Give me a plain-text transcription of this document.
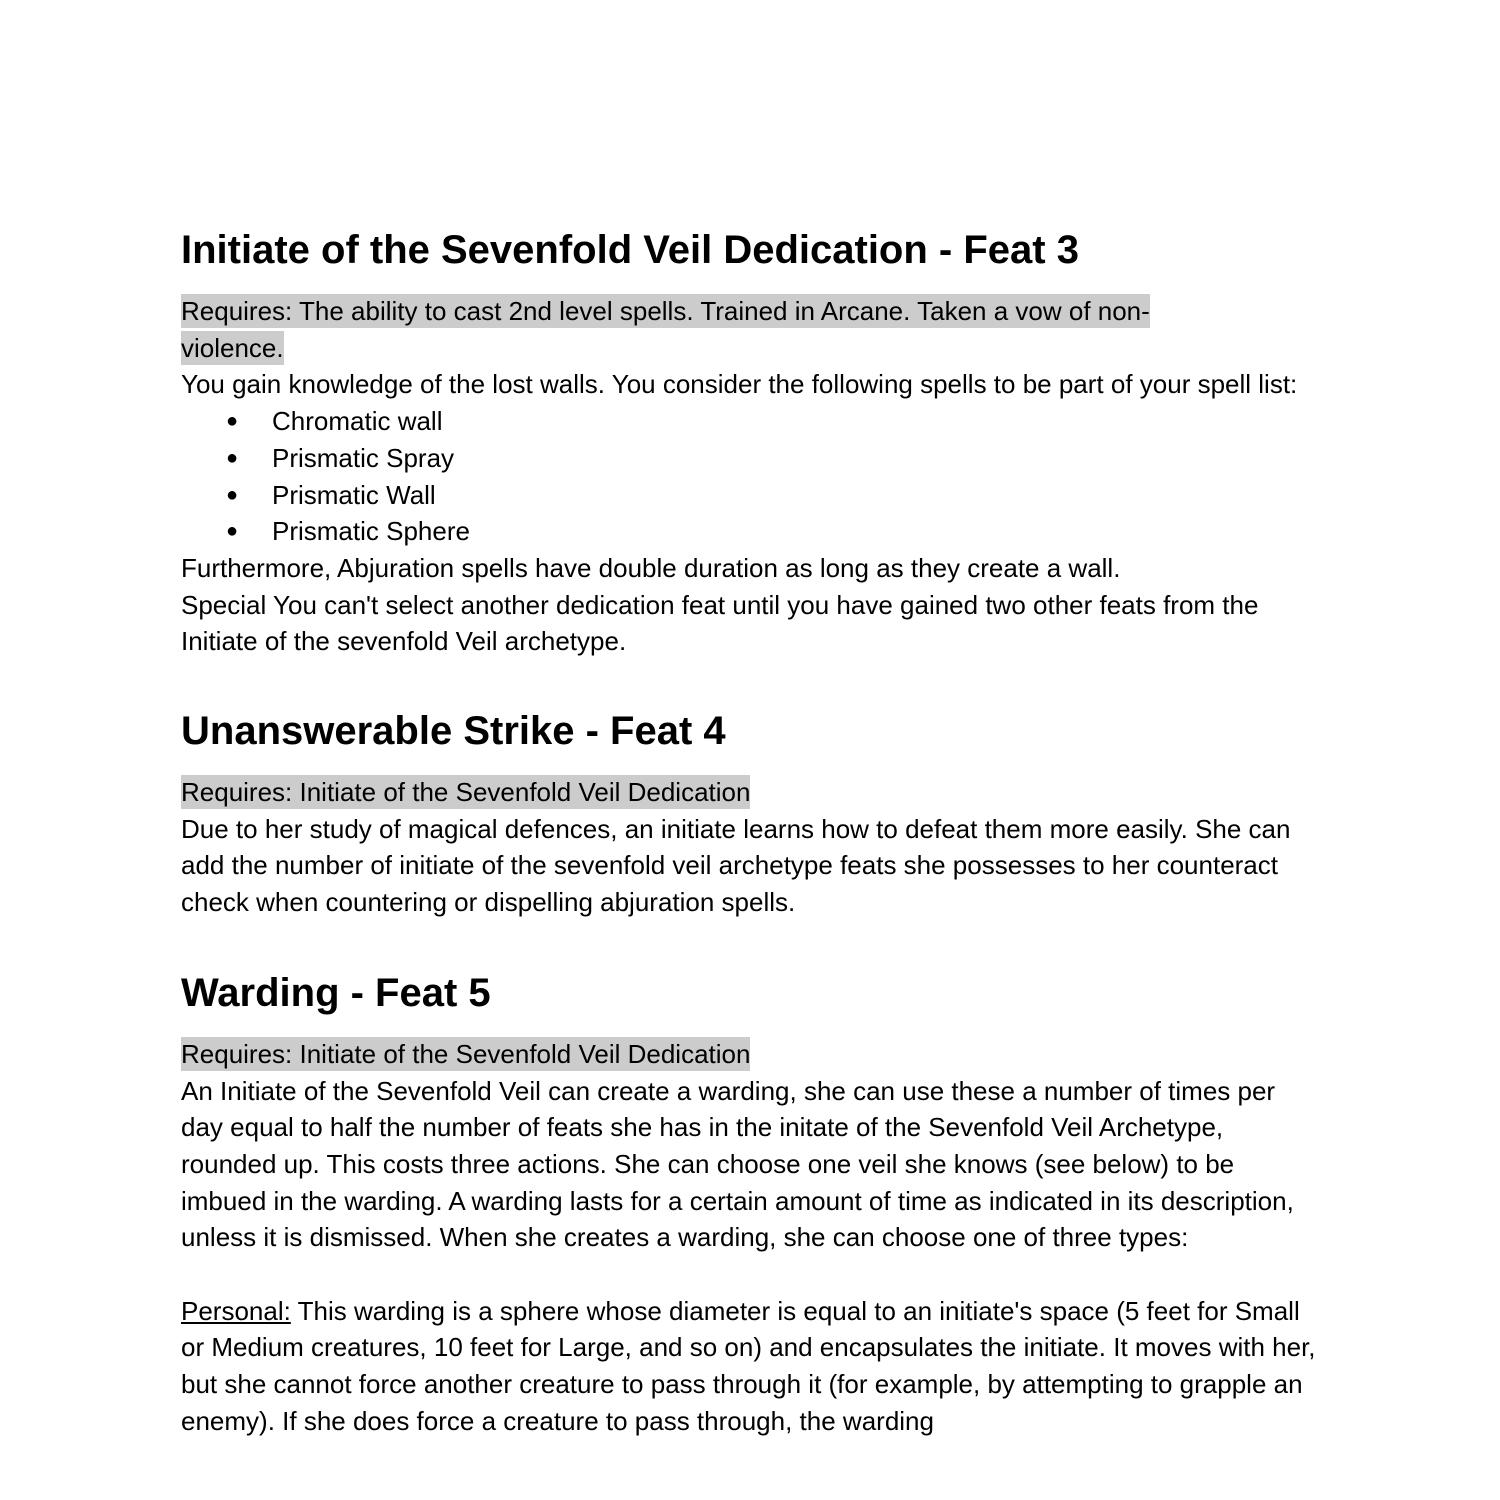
Initiate of the Sevenfold Veil Dedication - Feat 3

Requires: The ability to cast 2nd level spells. Trained in Arcane. Taken a vow of non-violence.

You gain knowledge of the lost walls. You consider the following spells to be part of your spell list:

● Chromatic wall
● Prismatic Spray
● Prismatic Wall
● Prismatic Sphere

Furthermore, Abjuration spells have double duration as long as they create a wall.

Special You can't select another dedication feat until you have gained two other feats from the Initiate of the sevenfold Veil archetype.

Unanswerable Strike - Feat 4

Requires: Initiate of the Sevenfold Veil Dedication

Due to her study of magical defences, an initiate learns how to defeat them more easily. She can add the number of initiate of the sevenfold veil archetype feats she possesses to her counteract check when countering or dispelling abjuration spells.

Warding - Feat 5

Requires: Initiate of the Sevenfold Veil Dedication

An Initiate of the Sevenfold Veil can create a warding, she can use these a number of times per day equal to half the number of feats she has in the initate of the Sevenfold Veil Archetype, rounded up. This costs three actions. She can choose one veil she knows (see below) to be imbued in the warding. A warding lasts for a certain amount of time as indicated in its description, unless it is dismissed. When she creates a warding, she can choose one of three types:

Personal: This warding is a sphere whose diameter is equal to an initiate's space (5 feet for Small or Medium creatures, 10 feet for Large, and so on) and encapsulates the initiate. It moves with her, but she cannot force another creature to pass through it (for example, by attempting to grapple an enemy). If she does force a creature to pass through, the warding
